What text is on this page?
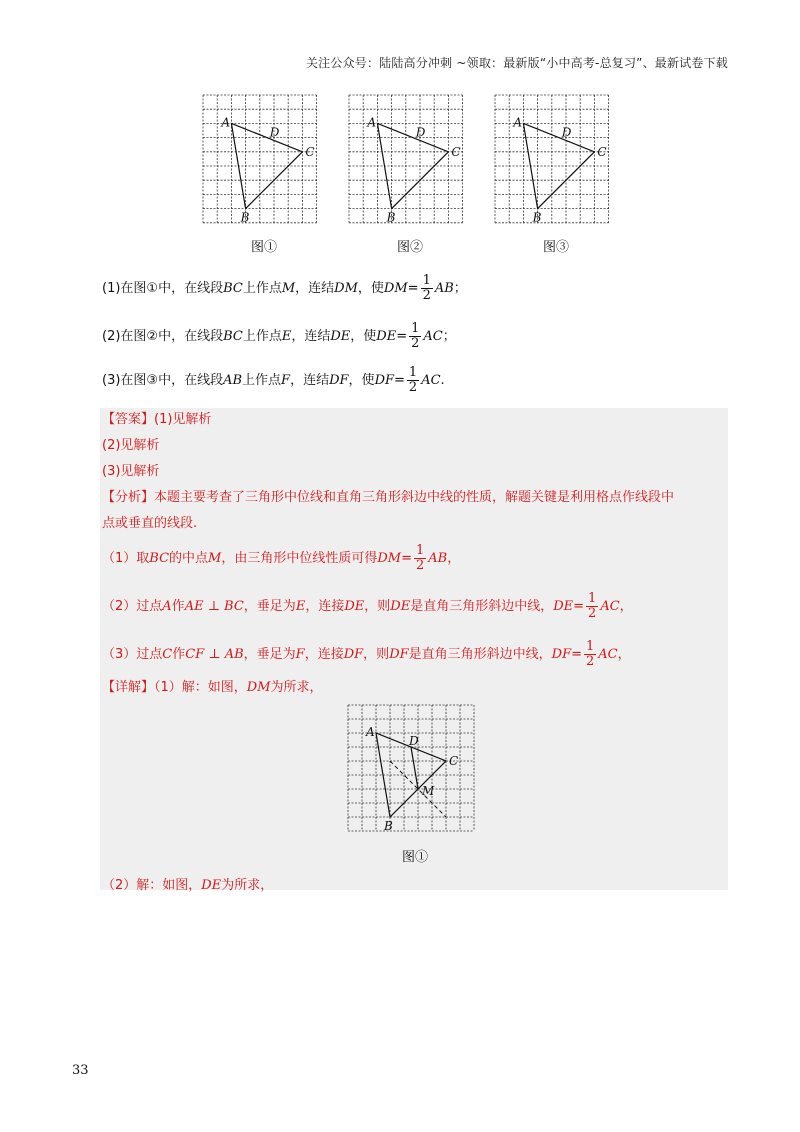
关注公众号：陆陆高分冲刺 ~领取：最新版“小中高考-总复习”、最新试卷下载
A
B
C
D
图①
A
B
C
D
图②
A
B
C
D
图③
(1)在图①中，在线段BC上作点M，连结DM，使$DM= \frac{1}{2}$ AB；
(2)在图②中，在线段BC上作点E，连结DE，使$DE= \frac{1}{2}$ AC；
(3)在图③中，在线段AB上作点F，连结DF，使$DF= \frac{1}{2}$ AC.
【答案】(1)见解析
(2)见解析
(3)见解析
【分析】本题主要考查了三角形中位线和直角三角形斜边中线的性质，解题关键是利用格点作线段中
点或垂直的线段.
（1）取BC的中点M，由三角形中位线性质可得$DM= \frac{1}{2}$ AB，
（2）过点A作AE ⊥ BC，垂足为E，连接DE，则DE是直角三角形斜边中线，$DE= \frac{1}{2}$ AC，
（3）过点C作CF ⊥ AB，垂足为F，连接DF，则DF是直角三角形斜边中线，$DF= \frac{1}{2}$ AC，
【详解】（1）解：如图，DM为所求，
A
B
C
D
M
图①
（2）解：如图，DE为所求，
33
